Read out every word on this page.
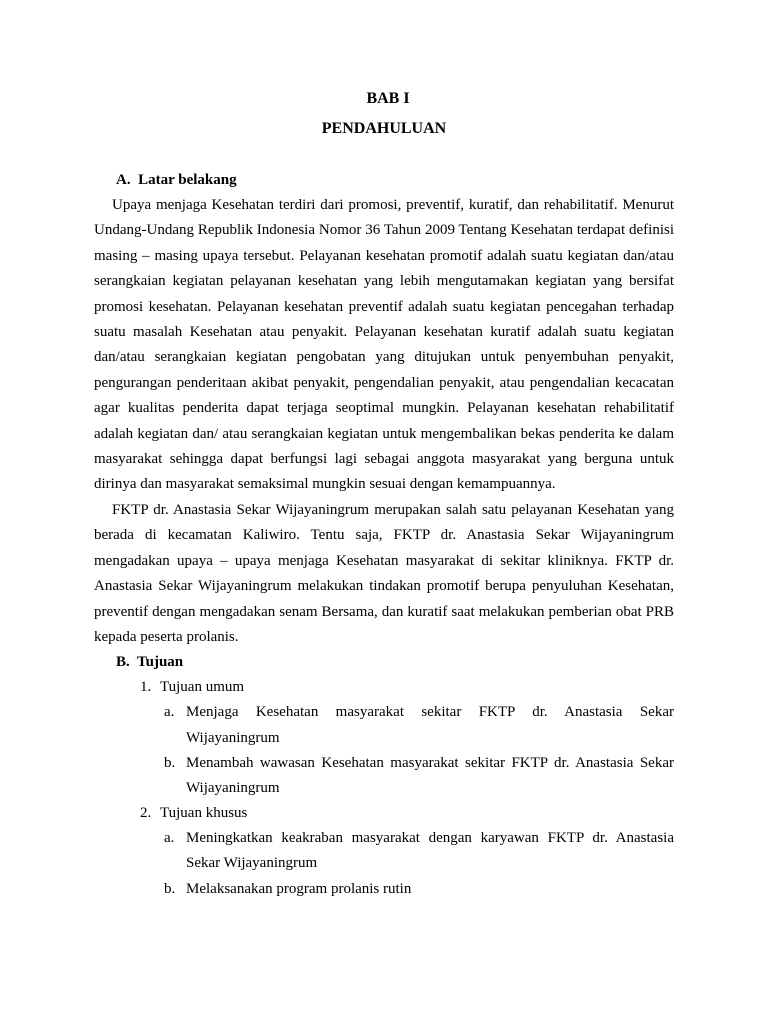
BAB I
PENDAHULUAN
A. Latar belakang

Upaya menjaga Kesehatan terdiri dari promosi, preventif, kuratif, dan rehabilitatif. Menurut Undang-Undang Republik Indonesia Nomor 36 Tahun 2009 Tentang Kesehatan terdapat definisi masing – masing upaya tersebut. Pelayanan kesehatan promotif adalah suatu kegiatan dan/atau serangkaian kegiatan pelayanan kesehatan yang lebih mengutamakan kegiatan yang bersifat promosi kesehatan. Pelayanan kesehatan preventif adalah suatu kegiatan pencegahan terhadap suatu masalah Kesehatan atau penyakit. Pelayanan kesehatan kuratif adalah suatu kegiatan dan/atau serangkaian kegiatan pengobatan yang ditujukan untuk penyembuhan penyakit, pengurangan penderitaan akibat penyakit, pengendalian penyakit, atau pengendalian kecacatan agar kualitas penderita dapat terjaga seoptimal mungkin. Pelayanan kesehatan rehabilitatif adalah kegiatan dan/ atau serangkaian kegiatan untuk mengembalikan bekas penderita ke dalam masyarakat sehingga dapat berfungsi lagi sebagai anggota masyarakat yang berguna untuk dirinya dan masyarakat semaksimal mungkin sesuai dengan kemampuannya.

FKTP dr. Anastasia Sekar Wijayaningrum merupakan salah satu pelayanan Kesehatan yang berada di kecamatan Kaliwiro. Tentu saja, FKTP dr. Anastasia Sekar Wijayaningrum mengadakan upaya – upaya menjaga Kesehatan masyarakat di sekitar kliniknya. FKTP dr. Anastasia Sekar Wijayaningrum melakukan tindakan promotif berupa penyuluhan Kesehatan, preventif dengan mengadakan senam Bersama, dan kuratif saat melakukan pemberian obat PRB kepada peserta prolanis.

B. Tujuan
1. Tujuan umum
a. Menjaga Kesehatan masyarakat sekitar FKTP dr. Anastasia Sekar Wijayaningrum
b. Menambah wawasan Kesehatan masyarakat sekitar FKTP dr. Anastasia Sekar Wijayaningrum
2. Tujuan khusus
a. Meningkatkan keakraban masyarakat dengan karyawan FKTP dr. Anastasia Sekar Wijayaningrum
b. Melaksanakan program prolanis rutin
